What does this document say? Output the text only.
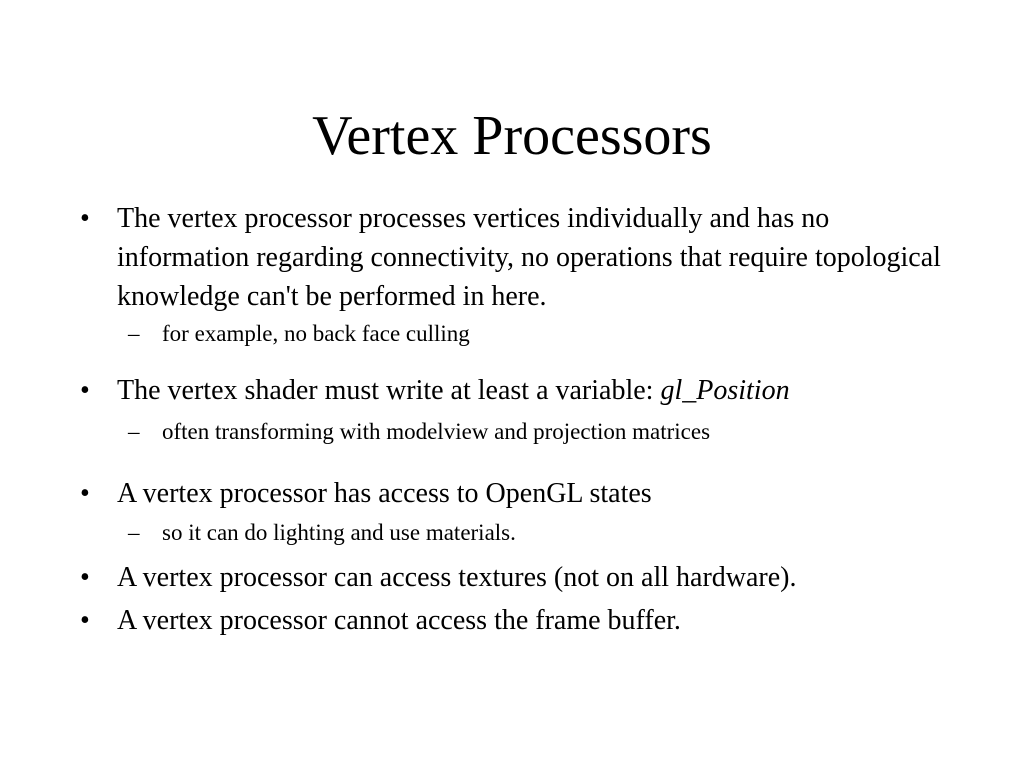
Vertex Processors
• The vertex processor processes vertices individually and has no information regarding connectivity, no operations that require topological knowledge can't be performed in here.
– for example, no back face culling
• The vertex shader must write at least a variable: gl_Position
– often transforming with modelview and projection matrices
• A vertex processor has access to OpenGL states
– so it can do lighting and use materials.
• A vertex processor can access textures (not on all hardware).
• A vertex processor cannot access the frame buffer.
